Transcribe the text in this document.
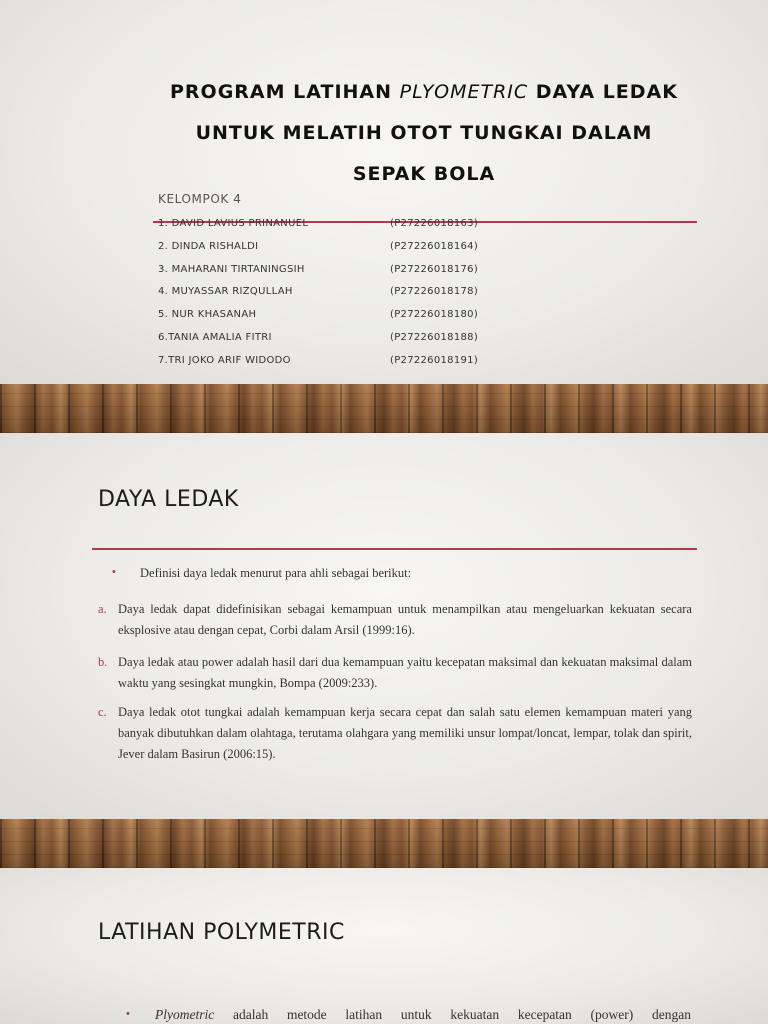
PROGRAM LATIHAN PLYOMETRIC DAYA LEDAK
UNTUK MELATIH OTOT TUNGKAI DALAM
SEPAK BOLA
KELOMPOK 4
1. DAVID LAVIUS PRINANUEL	(P27226018163)
2. DINDA RISHALDI	(P27226018164)
3. MAHARANI TIRTANINGSIH	(P27226018176)
4. MUYASSAR RIZQULLAH	(P27226018178)
5. NUR KHASANAH	(P27226018180)
6.TANIA AMALIA FITRI	(P27226018188)
7.TRI JOKO ARIF WIDODO	(P27226018191)
DAYA LEDAK
• Definisi daya ledak menurut para ahli sebagai berikut:
a. Daya ledak dapat didefinisikan sebagai kemampuan untuk menampilkan atau mengeluarkan kekuatan secara eksplosive atau dengan cepat, Corbi dalam Arsil (1999:16).
b. Daya ledak atau power adalah hasil dari dua kemampuan yaitu kecepatan maksimal dan kekuatan maksimal dalam waktu yang sesingkat mungkin, Bompa (2009:233).
c. Daya ledak otot tungkai adalah kemampuan kerja secara cepat dan salah satu elemen kemampuan materi yang banyak dibutuhkan dalam olahtaga, terutama olahgara yang memiliki unsur lompat/loncat, lempar, tolak dan spirit, Jever dalam Basirun (2006:15).
LATIHAN POLYMETRIC
• Plyometric adalah metode latihan untuk kekuatan kecepatan (power) dengan
